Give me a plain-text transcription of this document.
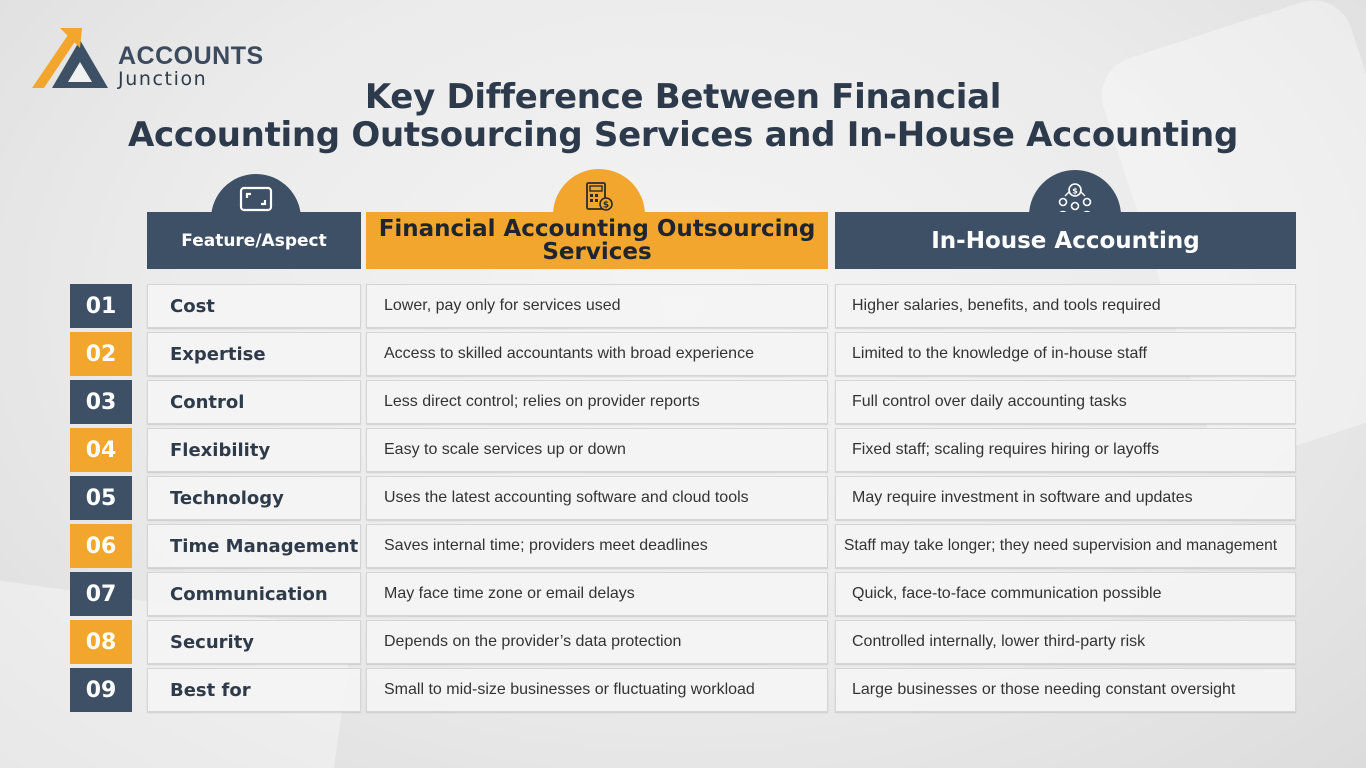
ACCOUNTS
Junction	Key Difference Between Financial
Accounting Outsourcing Services and In-House Accounting
$
$
Feature/Aspect	Financial Accounting Outsourcing Services	In-House Accounting
01	Cost	Lower, pay only for services used	Higher salaries, benefits, and tools required
02	Expertise	Access to skilled accountants with broad experience	Limited to the knowledge of in-house staff
03	Control	Less direct control; relies on provider reports	Full control over daily accounting tasks
04	Flexibility	Easy to scale services up or down	Fixed staff; scaling requires hiring or layoffs
05	Technology	Uses the latest accounting software and cloud tools	May require investment in software and updates
06	Time Management	Saves internal time; providers meet deadlines	Staff may take longer; they need supervision and management
07	Communication	May face time zone or email delays	Quick, face-to-face communication possible
08	Security	Depends on the provider’s data protection	Controlled internally, lower third-party risk
09	Best for	Small to mid-size businesses or fluctuating workload	Large businesses or those needing constant oversight
